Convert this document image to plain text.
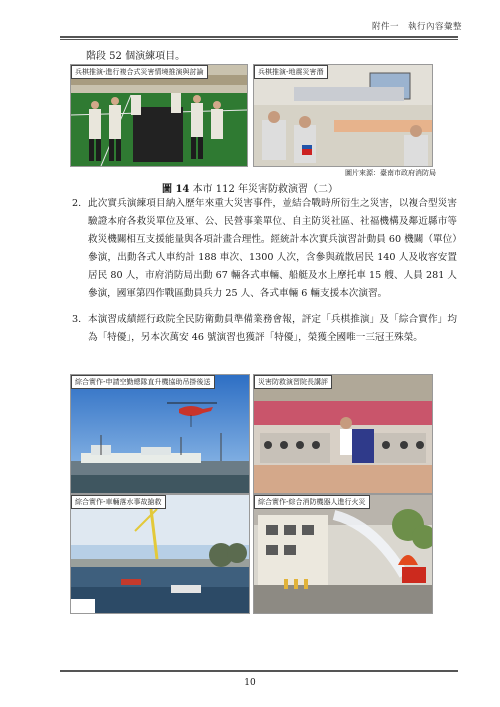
附件一　執行內容彙整
階段 52 個演練項目。
兵棋推演-進行複合式災害情境推演與討論	兵棋推演-地震災害潛
圖片來源：臺南市政府消防局
圖 14 本市 112 年災害防救演習（二）
2. 此次實兵演練項目納入歷年來重大災害事件，並結合戰時所衍生之災害，以複合型災害驗證本府各救災單位及軍、公、民營事業單位、自主防災社區、社福機構及鄰近縣市等救災機關相互支援能量與各項計畫合理性。經統計本次實兵演習計動員 60 機關（單位）參演，出動各式人車約計 188 車次、1300 人次，含參與疏散居民 140 人及收容安置居民 80 人，市府消防局出動 67 輛各式車輛、船艇及水上摩托車 15 艘、人員 281 人參演，國軍第四作戰區動員兵力 25 人、各式車輛 6 輛支援本次演習。
3. 本演習成績經行政院全民防衛動員準備業務會報，評定「兵棋推演」及「綜合實作」均為「特優」，另本次萬安 46 號演習也獲評「特優」，榮獲全國唯一三冠王殊榮。
綜合實作-申請空勤總隊直升機協助吊掛後送	災害防救演習院長講評
綜合實作-車輛落水事故搶救	綜合實作-綜合消防機器人進行火災
10
